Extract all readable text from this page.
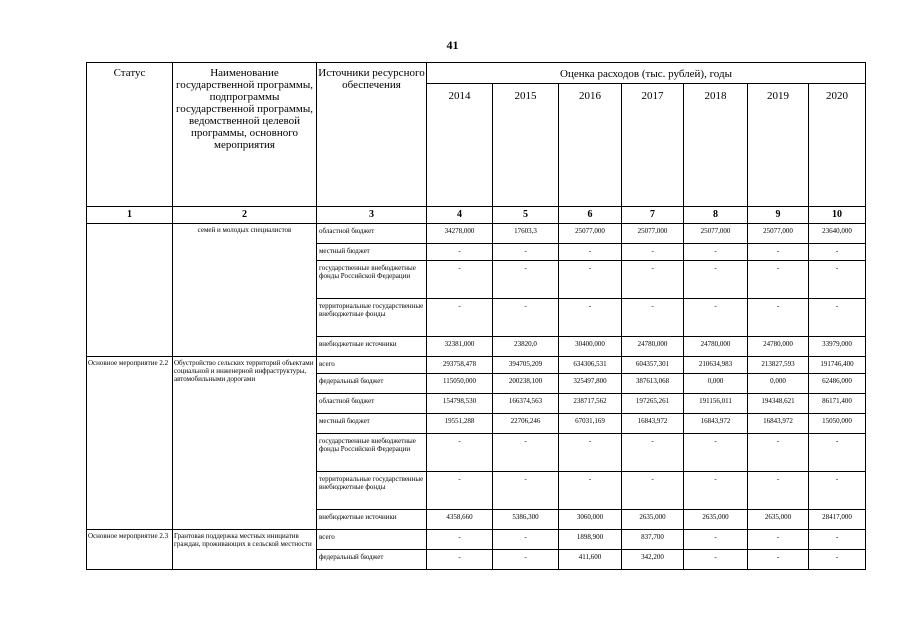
41
Статус	Наименование государственной программы, подпрограммы государственной программы, ведомственной целевой программы, основного мероприятия	Источники ресурсного обеспечения	Оценка расходов (тыс. рублей), годы						
			2014	2015	2016	2017	2018	2019	2020
1	2	3	4	5	6	7	8	9	10
	семей и молодых специалистов	областной бюджет	34278,000	17603,3	25077,000	25077,000	25077,000	25077,000	23640,000
		местный бюджет	-	-	-	-	-	-	-
		государственные внебюджетные фонды Российской Федерации	-	-	-	-	-	-	-
		территориальные государственные внебюджетные фонды	-	-	-	-	-	-	-
		внебюджетные источники	32381,000	23820,0	30400,000	24780,000	24780,000	24780,000	33979,000
Основное мероприятие 2.2	Обустройство сельских территорий объектами социальной и инженерной инфраструктуры, автомобильными дорогами	всего	293758,478	394705,209	634306,531	604357,301	210634,983	213827,593	191746,400
		федеральный бюджет	115050,000	200238,100	325497,800	387613,068	0,000	0,000	62486,000
		областной бюджет	154798,530	166374,563	238717,562	197265,261	191156,011	194348,621	86171,400
		местный бюджет	19551,288	22706,246	67031,169	16843,972	16843,972	16843,972	15050,000
		государственные внебюджетные фонды Российской Федерации	-	-	-	-	-	-	-
		территориальные государственные внебюджетные фонды	-	-	-	-	-	-	-
		внебюджетные источники	4358,660	5386,300	3060,000	2635,000	2635,000	2635,000	28417,000
Основное мероприятие 2.3	Грантовая поддержка местных инициатив граждан, проживающих в сельской местности	всего	-	-	1898,900	837,700	-	-	-
		федеральный бюджет	-	-	411,600	342,200	-	-	-
